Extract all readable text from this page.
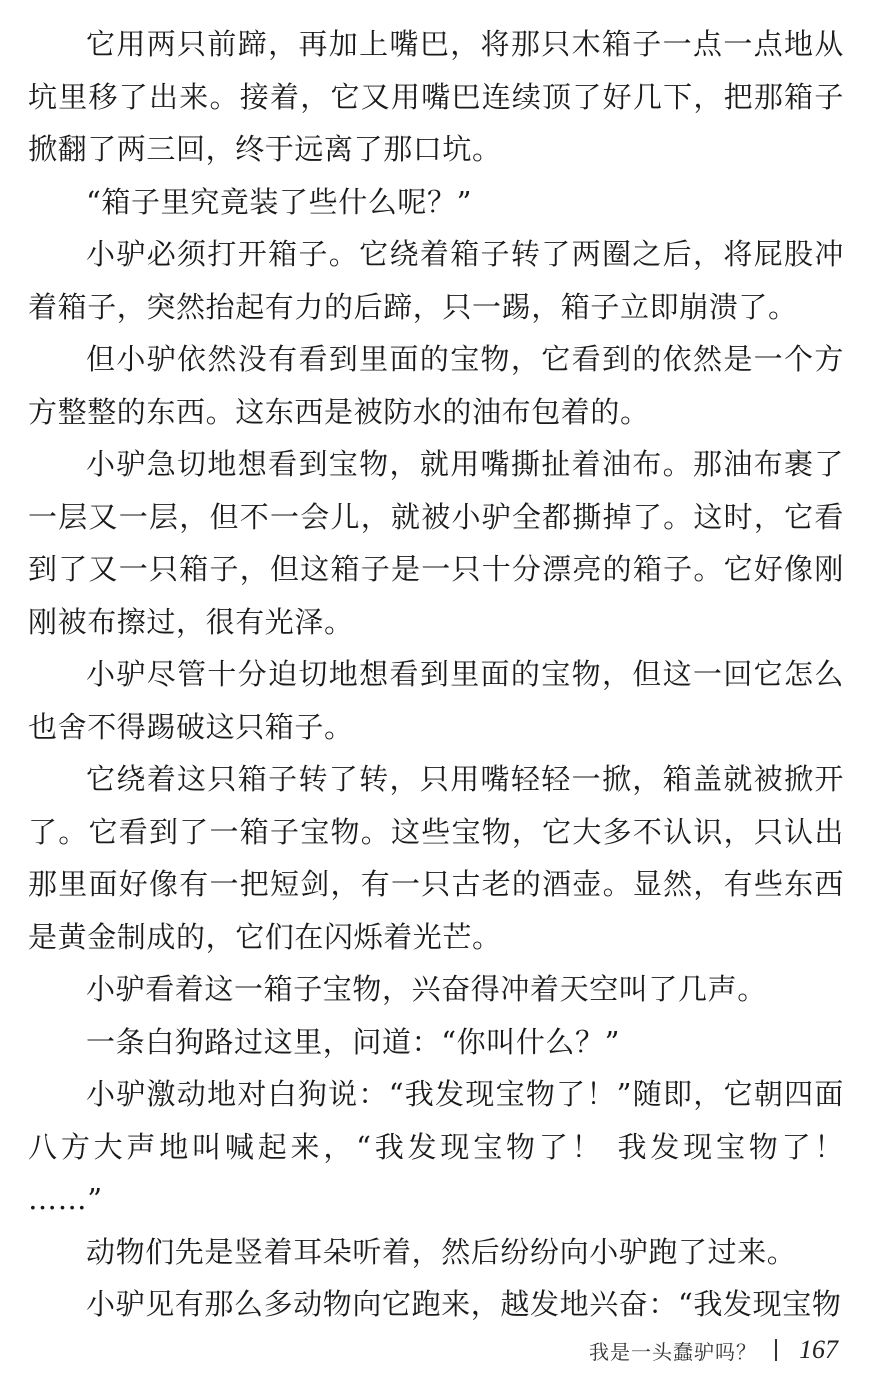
它用两只前蹄，再加上嘴巴，将那只木箱子一点一点地从坑里移了出来。接着，它又用嘴巴连续顶了好几下，把那箱子掀翻了两三回，终于远离了那口坑。

“箱子里究竟装了些什么呢？”

小驴必须打开箱子。它绕着箱子转了两圈之后，将屁股冲着箱子，突然抬起有力的后蹄，只一踢，箱子立即崩溃了。

但小驴依然没有看到里面的宝物，它看到的依然是一个方方整整的东西。这东西是被防水的油布包着的。

小驴急切地想看到宝物，就用嘴撕扯着油布。那油布裹了一层又一层，但不一会儿，就被小驴全都撕掉了。这时，它看到了又一只箱子，但这箱子是一只十分漂亮的箱子。它好像刚刚被布擦过，很有光泽。

小驴尽管十分迫切地想看到里面的宝物，但这一回它怎么也舍不得踢破这只箱子。

它绕着这只箱子转了转，只用嘴轻轻一掀，箱盖就被掀开了。它看到了一箱子宝物。这些宝物，它大多不认识，只认出那里面好像有一把短剑，有一只古老的酒壶。显然，有些东西是黄金制成的，它们在闪烁着光芒。

小驴看着这一箱子宝物，兴奋得冲着天空叫了几声。

一条白狗路过这里，问道：“你叫什么？”

小驴激动地对白狗说：“我发现宝物了！”随即，它朝四面八方大声地叫喊起来，“我发现宝物了！ 我发现宝物了！ ……”

动物们先是竖着耳朵听着，然后纷纷向小驴跑了过来。

小驴见有那么多动物向它跑来，越发地兴奋：“我发现宝物

我是一头蠢驴吗？ 167
